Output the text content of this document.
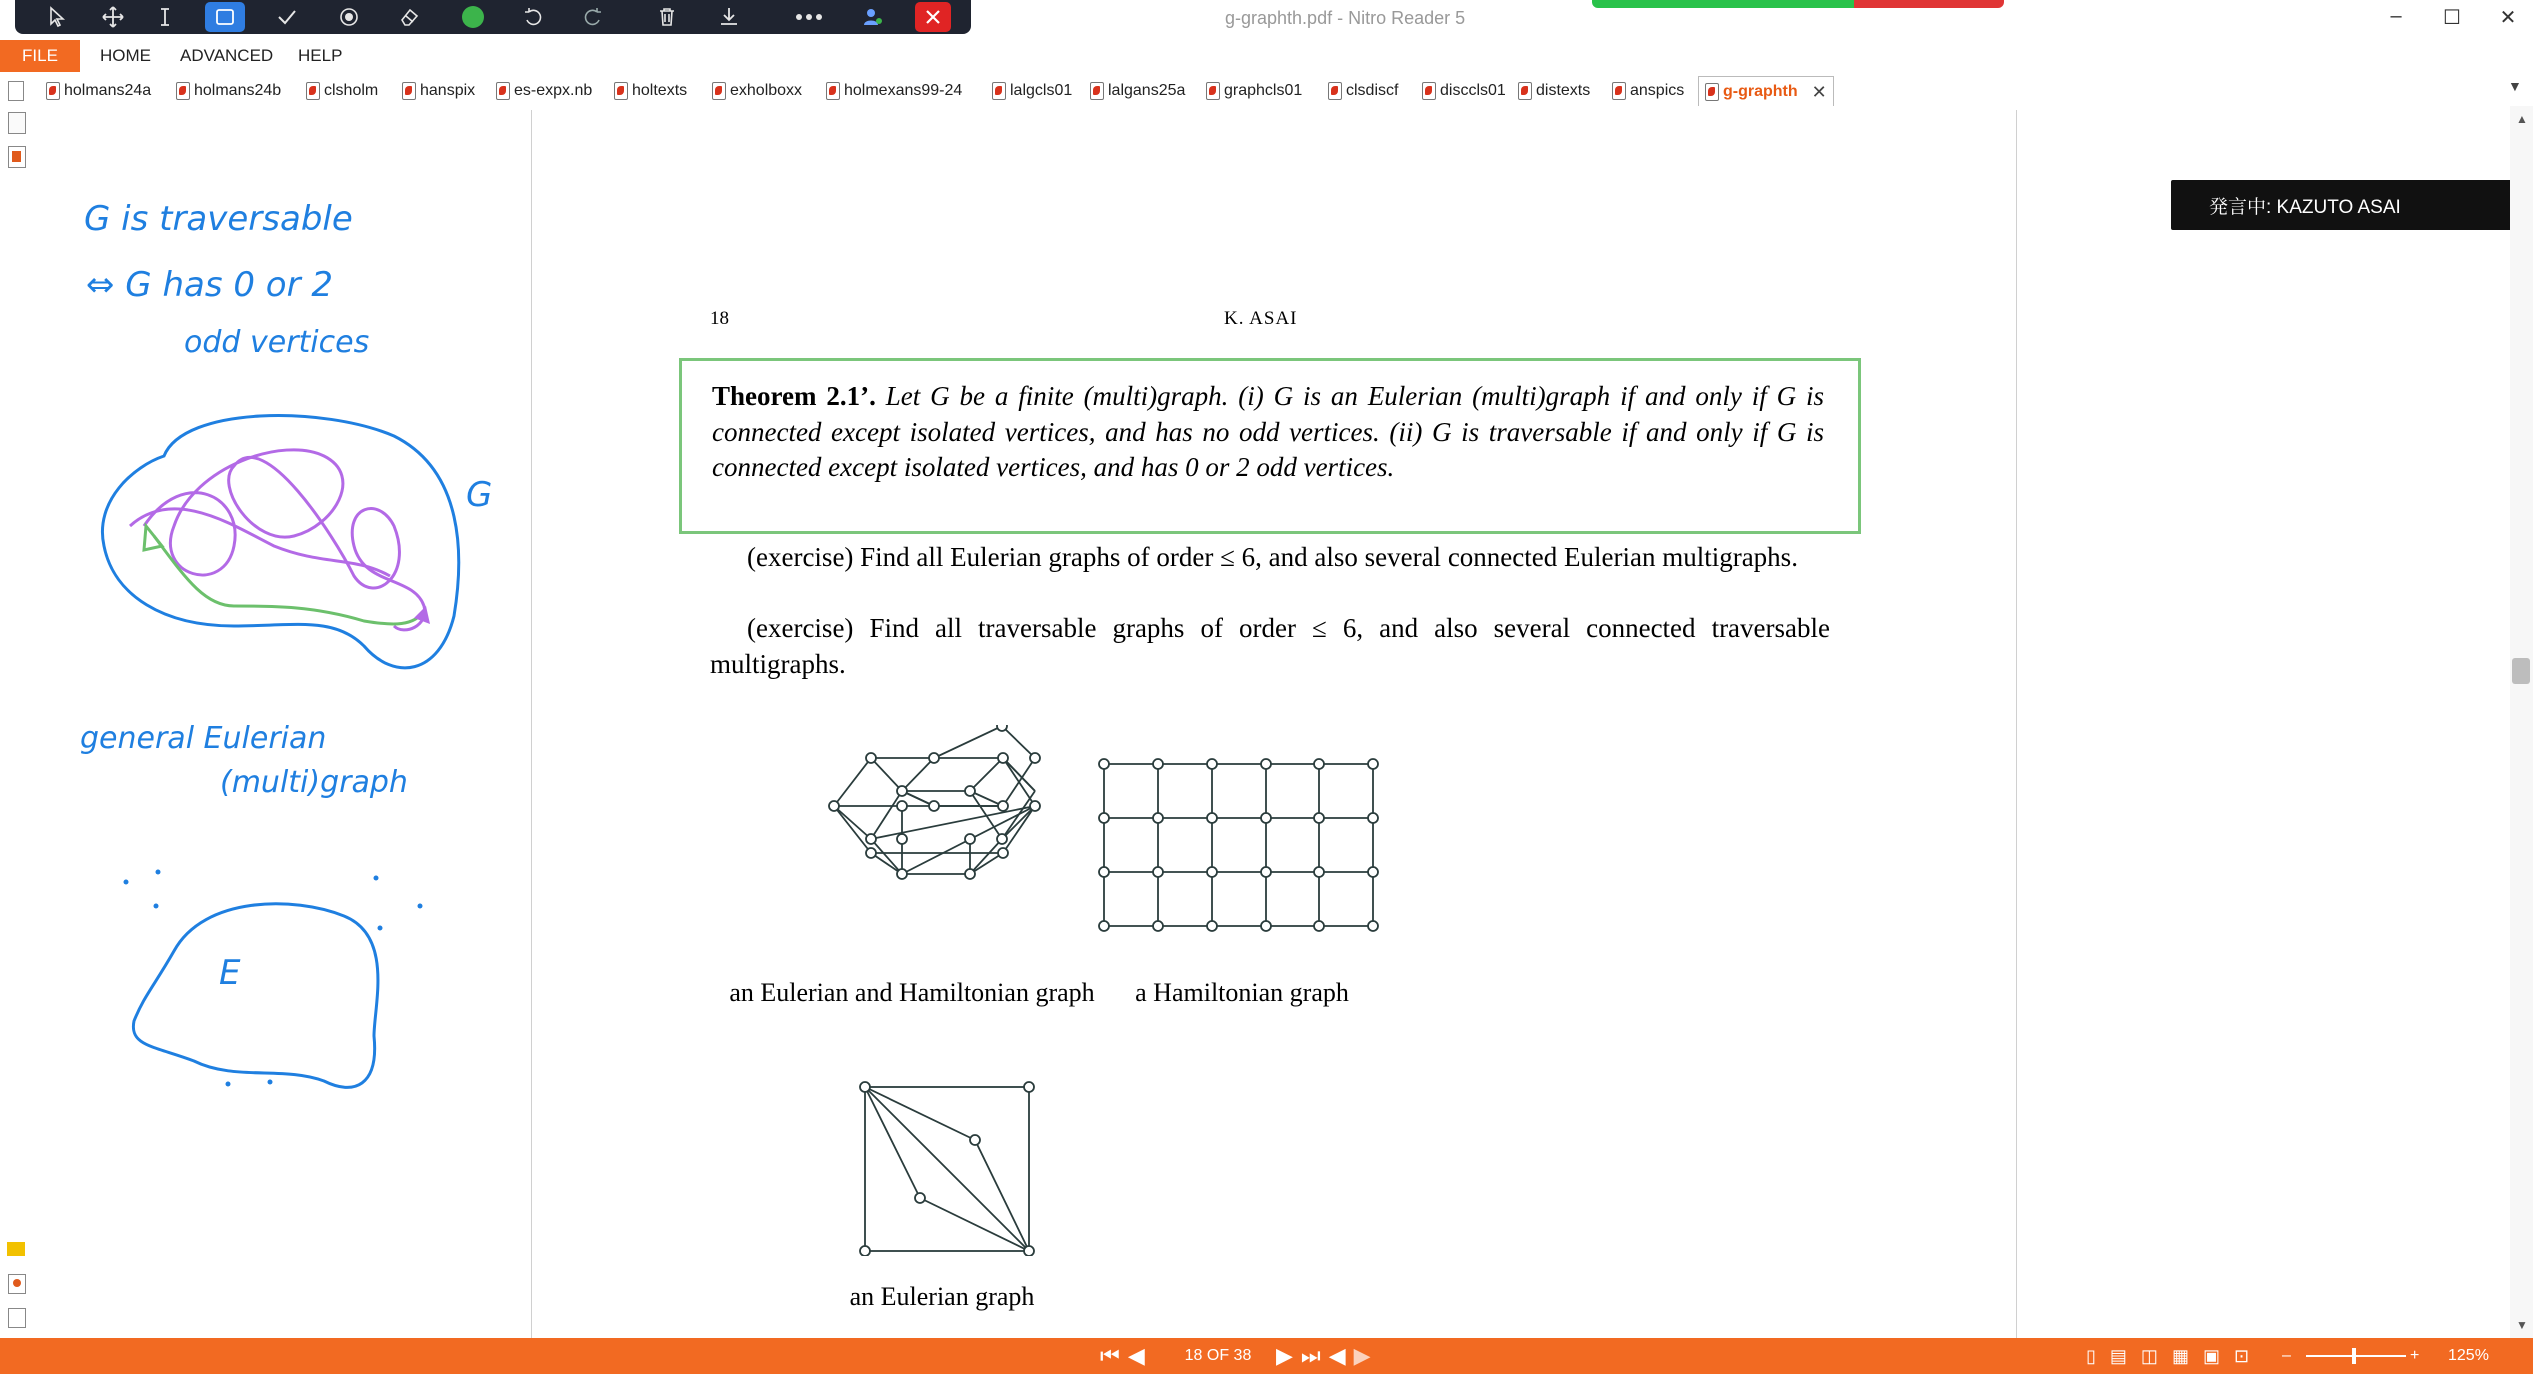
g-graphth.pdf - Nitro Reader 5	–	☐	✕
FILE	HOME ADVANCED HELP
holmans24a	holmans24b	clsholm	hanspix es-expx.nb holtexts	exholboxx	holmexans99-24	lalgcls01 lalgans25a graphcls01	clsdiscf	disccls01 distexts anspics g-graphth ✕	▼
G is traversable
⇔ G has 0 or 2
odd vertices
G
general Eulerian
(multi)graph
E
18	K. ASAI
Theorem 2.1’. Let G be a finite (multi)graph. (i) G is an Eulerian (multi)graph if and only if G is connected except isolated vertices, and has no odd vertices. (ii) G is traversable if and only if G is connected except isolated vertices, and has 0 or 2 odd vertices.
(exercise) Find all Eulerian graphs of order ≤ 6, and also several connected Eulerian multigraphs.
(exercise) Find all traversable graphs of order ≤ 6, and also several connected traversable multigraphs.
an Eulerian and Hamiltonian graph	a Hamiltonian graph
an Eulerian graph
発言中: KAZUTO ASAI
▲
▼
⏮ ◀ 18 OF 38 ▶ ⏭ ◀ ▶	▯ ▤ ◫ ▦ ▣ ⊡ –	+ 125%
